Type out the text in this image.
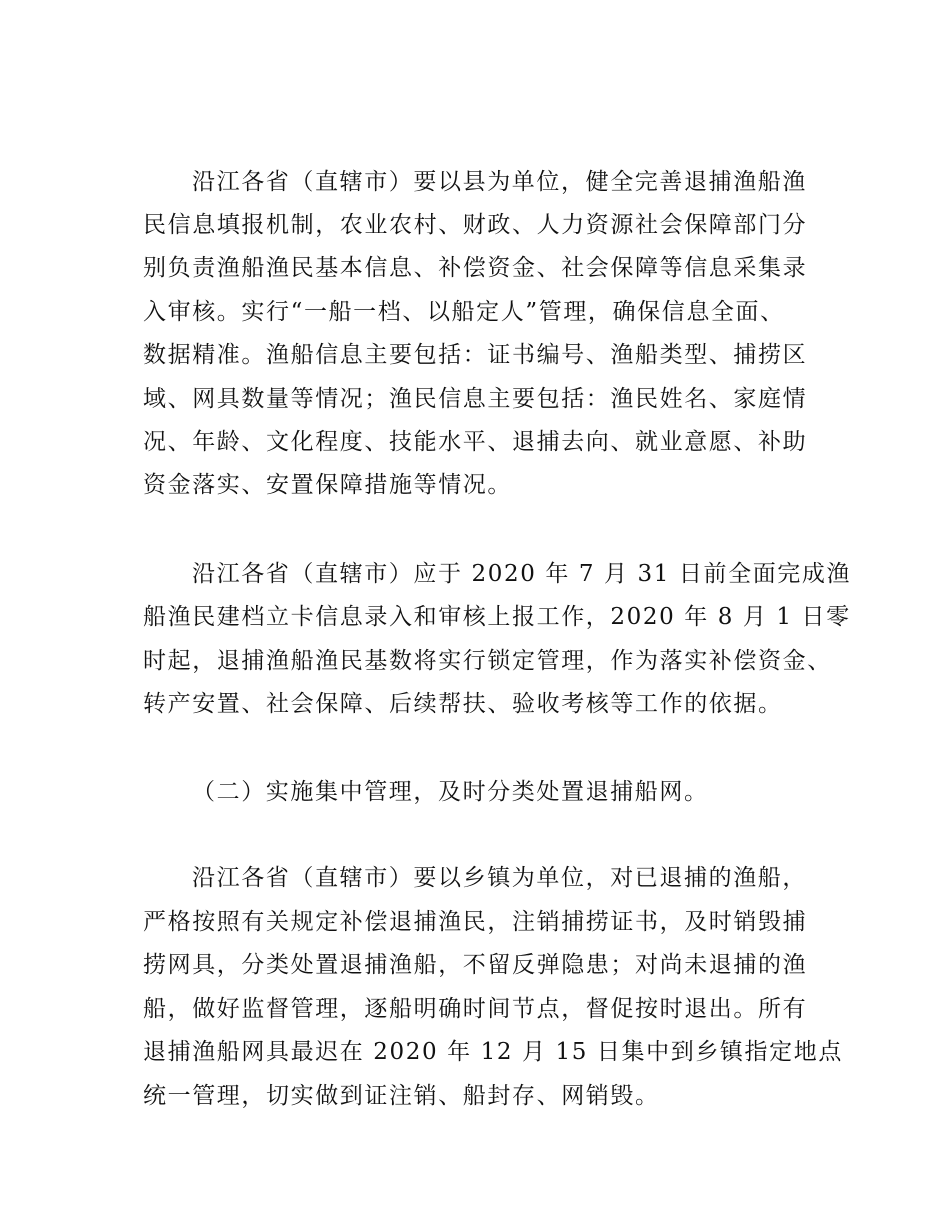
沿江各省（直辖市）要以县为单位，健全完善退捕渔船渔
民信息填报机制，农业农村、财政、人力资源社会保障部门分
别负责渔船渔民基本信息、补偿资金、社会保障等信息采集录
入审核。实行“一船一档、以船定人”管理，确保信息全面、
数据精准。渔船信息主要包括：证书编号、渔船类型、捕捞区
域、网具数量等情况；渔民信息主要包括：渔民姓名、家庭情
况、年龄、文化程度、技能水平、退捕去向、就业意愿、补助
资金落实、安置保障措施等情况。
沿江各省（直辖市）应于 2020 年 7 月 31 日前全面完成渔
船渔民建档立卡信息录入和审核上报工作，2020 年 8 月 1 日零
时起，退捕渔船渔民基数将实行锁定管理，作为落实补偿资金、
转产安置、社会保障、后续帮扶、验收考核等工作的依据。
（二）实施集中管理，及时分类处置退捕船网。
沿江各省（直辖市）要以乡镇为单位，对已退捕的渔船，
严格按照有关规定补偿退捕渔民，注销捕捞证书，及时销毁捕
捞网具，分类处置退捕渔船，不留反弹隐患；对尚未退捕的渔
船，做好监督管理，逐船明确时间节点，督促按时退出。所有
退捕渔船网具最迟在 2020 年 12 月 15 日集中到乡镇指定地点
统一管理，切实做到证注销、船封存、网销毁。
